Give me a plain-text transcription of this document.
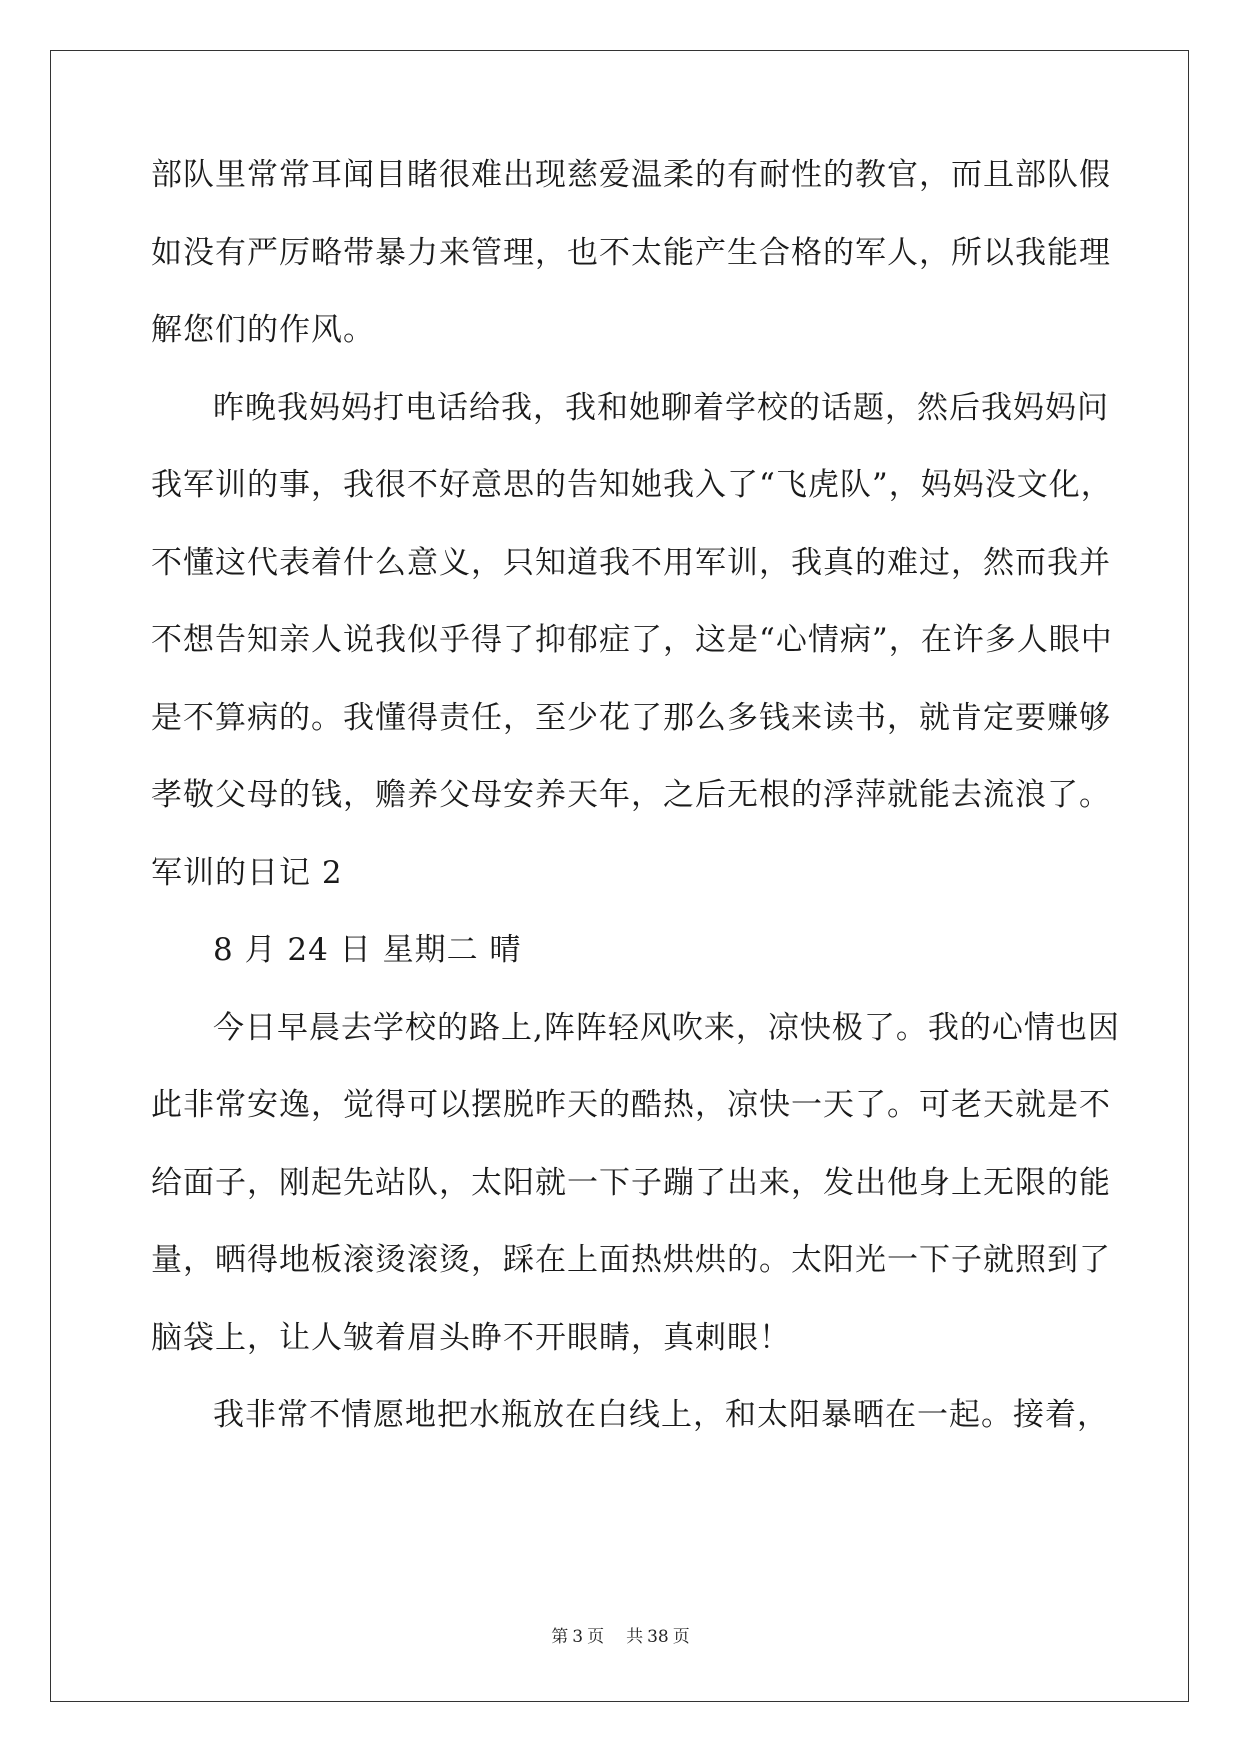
部队里常常耳闻目睹很难出现慈爱温柔的有耐性的教官，而且部队假
如没有严厉略带暴力来管理，也不太能产生合格的军人，所以我能理
解您们的作风。
昨晚我妈妈打电话给我，我和她聊着学校的话题，然后我妈妈问
我军训的事，我很不好意思的告知她我入了“飞虎队”，妈妈没文化，
不懂这代表着什么意义，只知道我不用军训，我真的难过，然而我并
不想告知亲人说我似乎得了抑郁症了，这是“心情病”，在许多人眼中
是不算病的。我懂得责任，至少花了那么多钱来读书，就肯定要赚够
孝敬父母的钱，赡养父母安养天年，之后无根的浮萍就能去流浪了。
军训的日记 2
8 月 24 日 星期二 晴
今日早晨去学校的路上,阵阵轻风吹来，凉快极了。我的心情也因
此非常安逸，觉得可以摆脱昨天的酷热，凉快一天了。可老天就是不
给面子，刚起先站队，太阳就一下子蹦了出来，发出他身上无限的能
量，晒得地板滚烫滚烫，踩在上面热烘烘的。太阳光一下子就照到了
脑袋上，让人皱着眉头睁不开眼睛，真刺眼！
我非常不情愿地把水瓶放在白线上，和太阳暴晒在一起。接着，
第 3 页 共 38 页
